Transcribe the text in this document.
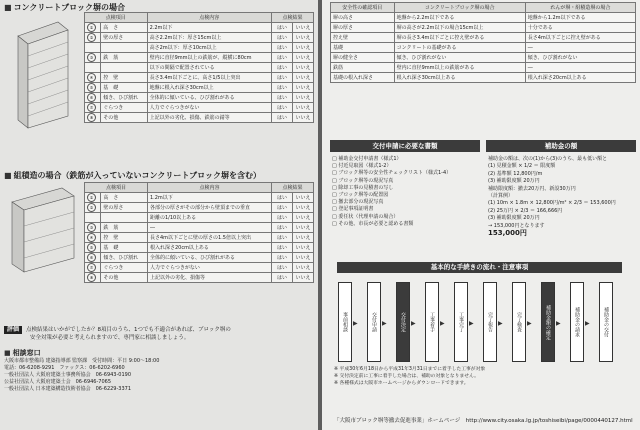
■ コンクリートブロック塀の場合
点検項目		点検内容	点検結果	
①	高　さ	2.2m以下	はい	いいえ
②	壁の厚さ	高さ2.2m以下：厚さ15cm以上	はい	いいえ
		高さ2m以下：厚さ10cm以上	はい	いいえ
③	鉄　筋	壁内に直径9mm以上の鉄筋が、縦横に80cm	はい	いいえ
		以下の間隔で配置されている	はい	いいえ
④	控　壁	長さ3.4m以下ごとに、高さ1/5以上突出	はい	いいえ
⑤	基　礎	地盤に根入れ深さ30cm以上	はい	いいえ
⑥	傾き、ひび割れ	全体的に傾いている、ひび割れがある	はい	いいえ
⑦	ぐらつき	人力でぐらつきがない	はい	いいえ
⑧	その他	上記以外の劣化、損傷、鉄筋の錆等	はい	いいえ
■ 組積造の場合（鉄筋が入っていないコンクリートブロック塀を含む）
点検項目		点検内容	点検結果	
①	高　さ	1.2m以下	はい	いいえ
②	壁の厚さ	各部分の厚さがその部分から壁頂までの垂直	はい	いいえ
		距離の1/10以上ある	はい	いいえ
③	鉄　筋	―	はい	いいえ
④	控　壁	長さ4m以下ごとに壁の厚さの1.5倍以上突出	はい	いいえ
⑤	基　礎	根入れ深さ20cm以上ある	はい	いいえ
⑥	傾き、ひび割れ	全体的に傾いている、ひび割れがある	はい	いいえ
⑦	ぐらつき	人力でぐらつきがない	はい	いいえ
⑧	その他	上記以外の劣化、損傷等	はい	いいえ
評価 点検結果はいかがでしたか？8項目のうち、1つでも不適合があれば、ブロック塀の
安全対策が必要と考えられますので、専門家に相談しましょう。
■ 相談窓口
大阪市都市整備局 建築指導部 監察課　受付時間：平日 9:00～18:00
電話：06-6208-9291　ファックス：06-6202-6960
一般社団法人 大阪府建築士事務所協会　06-6943-0190
公益社団法人 大阪府建築士会　06-6946-7065
一般社団法人 日本建築構造技術者協会　06-6229-3371
安全性の確認項目	コンクリートブロック塀の場合	れんが塀・組積造塀の場合
塀の高さ	地盤から2.2m以下である	地盤から1.2m以下である
塀の厚さ	塀の高さが2.2m以下の場合15cm以上	十分である
控え壁	塀の長さ3.4m以下ごとに控え壁がある	長さ4m以下ごとに控え壁がある
基礎	コンクリートの基礎がある	―
塀の健全さ	傾き、ひび割れがない	傾き、ひび割れがない
鉄筋	壁内に直径9mm以上の鉄筋がある	―
基礎の根入れ深さ	根入れ深さ30cm以上ある	根入れ深さ20cm以上ある
交付申請に必要な書類	補助金の額
□ 補助金交付申請書（様式1）
□ 付近見取図（様式1-2）
□ ブロック塀等の安全性チェックリスト（様式1-4）
□ ブロック塀等の現況写真
□ 除却工事の見積書の写し
□ ブロック塀等の配置図
□ 撤去部分の現況写真
□ 登記事項証明書
□ 委任状（代理申請の場合）
□ その他、市長が必要と認める書類
補助金の額は、次の(1)から(3)のうち、最も低い額と
(1) 見積金額 × 1/2 ＝ 限度額
(2) 基準額 12,800円/m
(3) 補助限度額 20万円
補助限度額：撤去20万円、新設30万円
（計算例）
(1) 10m × 1.8m × 12,800円/m² × 2/3 ＝ 153,600円
(2) 25万円 × 2/3 ＝ 166,666円
(3) 補助限度額 20万円
→ 153,000円となります
153,000円
基本的な手続きの流れ・注意事項
事前相談 ▶	交付申請 ▶	交付決定 ▶	工事着手 ▶	工事完了 ▶	完了報告 ▶	完了検査 ▶	補助金額の確定 ▶	補助金の請求 ▶	補助金の交付
※ 平成30年6月18日から平成31年3月31日までに着手した工事が対象
※ 交付決定前に工事に着手した場合は、補助の対象となりません。
※ 各種様式は大阪市ホームページからダウンロードできます。
「大阪市ブロック塀等撤去促進事業」ホームページ　http://www.city.osaka.lg.jp/toshiseibi/page/0000440127.html
